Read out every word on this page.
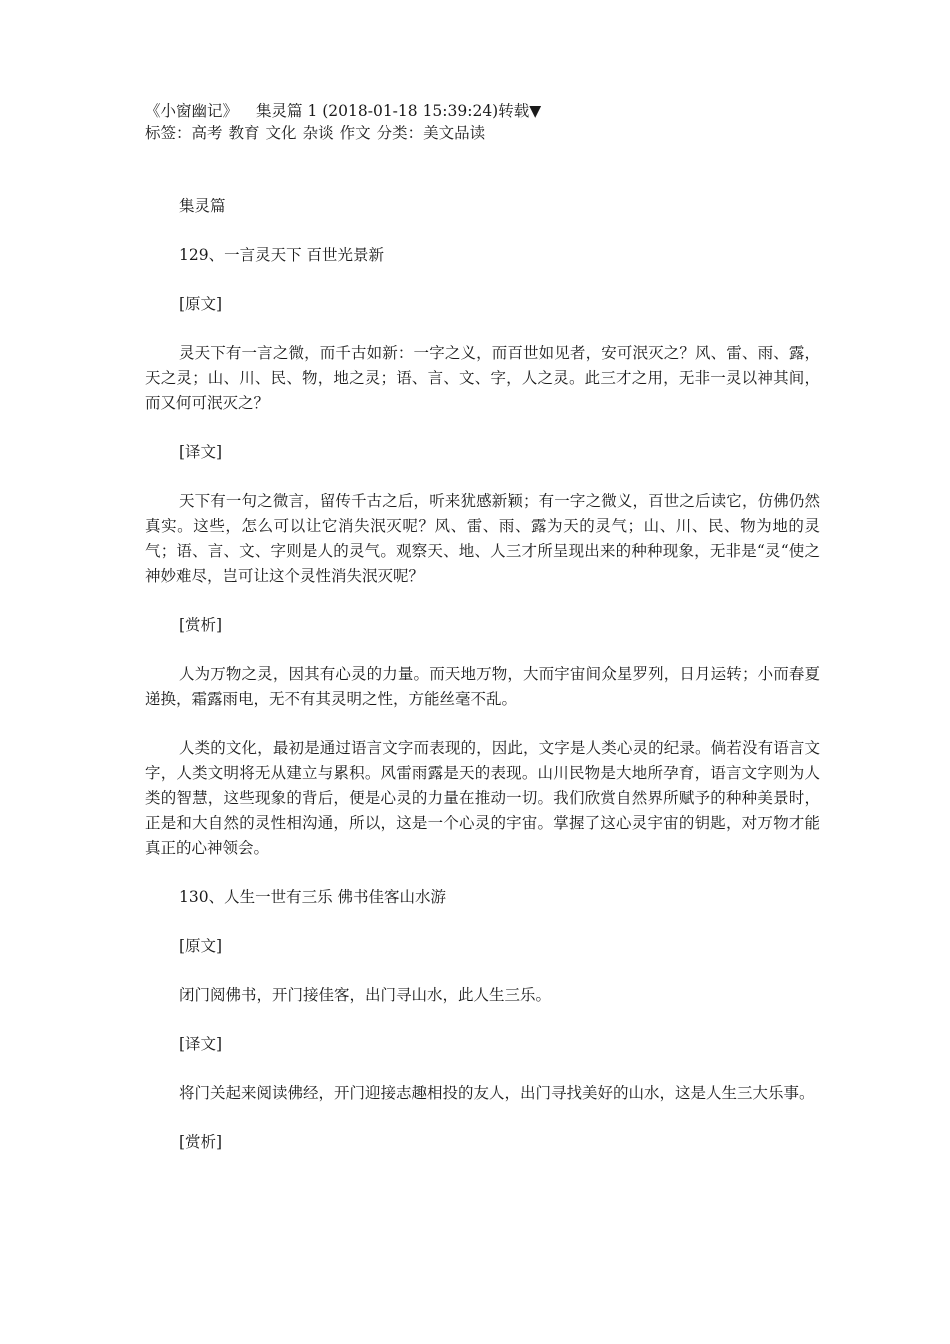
《小窗幽记》 集灵篇 1 (2018-01-18 15:39:24)转载▼
标签：高考 教育 文化 杂谈 作文 分类：美文品读

集灵篇

129、一言灵天下 百世光景新

[原文]

灵天下有一言之微，而千古如新：一字之义，而百世如见者，安可泯灭之？风、雷、雨、露，天之灵；山、川、民、物，地之灵；语、言、文、字，人之灵。此三才之用，无非一灵以神其间，而又何可泯灭之？

[译文]

天下有一句之微言，留传千古之后，听来犹感新颖；有一字之微义，百世之后读它，仿佛仍然真实。这些，怎么可以让它消失泯灭呢？风、雷、雨、露为天的灵气；山、川、民、物为地的灵气；语、言、文、字则是人的灵气。观察天、地、人三才所呈现出来的种种现象，无非是“灵“使之神妙难尽，岂可让这个灵性消失泯灭呢？

[赏析]

人为万物之灵，因其有心灵的力量。而天地万物，大而宇宙间众星罗列，日月运转；小而春夏递换，霜露雨电，无不有其灵明之性，方能丝毫不乱。

人类的文化，最初是通过语言文字而表现的，因此，文字是人类心灵的纪录。倘若没有语言文字，人类文明将无从建立与累积。风雷雨露是天的表现。山川民物是大地所孕育，语言文字则为人类的智慧，这些现象的背后，便是心灵的力量在推动一切。我们欣赏自然界所赋予的种种美景时，正是和大自然的灵性相沟通，所以，这是一个心灵的宇宙。掌握了这心灵宇宙的钥匙，对万物才能真正的心神领会。

130、人生一世有三乐 佛书佳客山水游

[原文]

闭门阅佛书，开门接佳客，出门寻山水，此人生三乐。

[译文]

将门关起来阅读佛经，开门迎接志趣相投的友人，出门寻找美好的山水，这是人生三大乐事。

[赏析]
